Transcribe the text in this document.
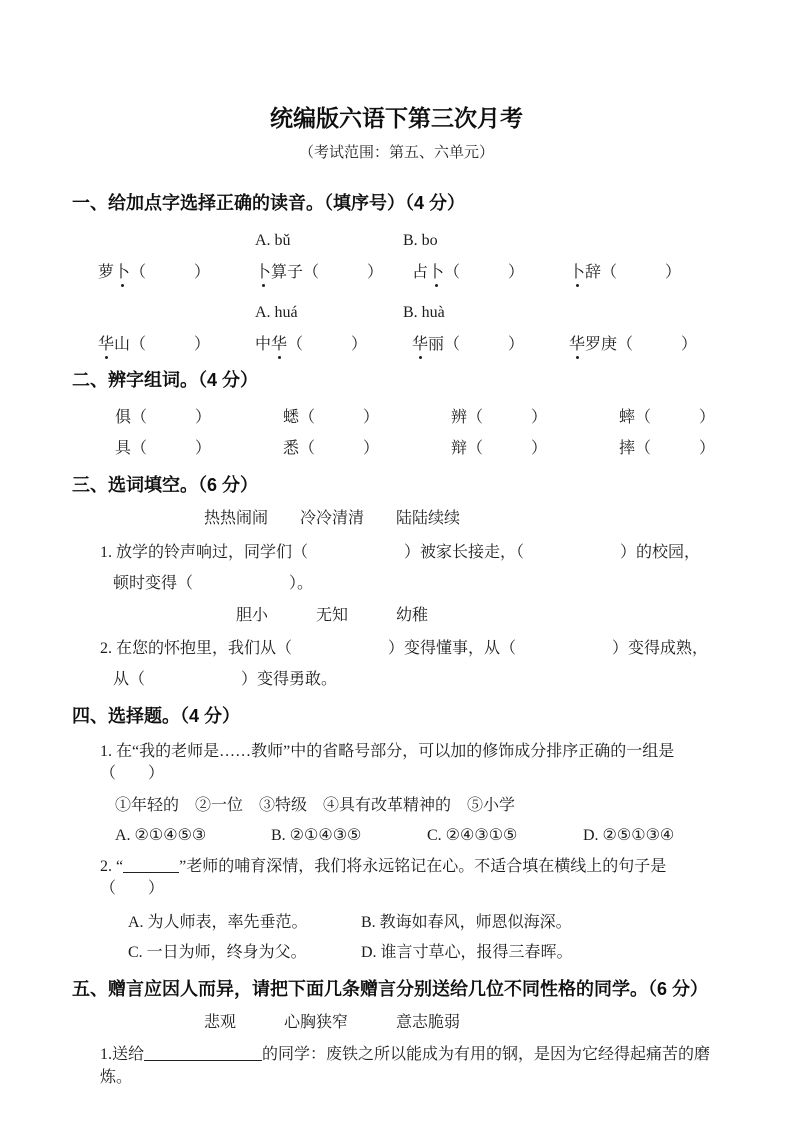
统编版六语下第三次月考
（考试范围：第五、六单元）
一、给加点字选择正确的读音。（填序号）（4 分）
A. bǔ	B. bo
萝卜（　　　）	卜算子（　　　）	占卜（　　　）	卜辞（　　　）
A. huá	B. huà
华山（　　　）	中华（　　　）	华丽（　　　）	华罗庚（　　　）
二、辨字组词。（4 分）
俱（　　　）	蟋（　　　）	辨（　　　）	蟀（　　　）
具（　　　）	悉（　　　）	辩（　　　）	摔（　　　）
三、选词填空。（6 分）
热热闹闹　　冷冷清清　　陆陆续续
1. 放学的铃声响过，同学们（　　　　　　）被家长接走，（　　　　　　）的校园，
顿时变得（　　　　　　）。
胆小　　　无知　　　幼稚
2. 在您的怀抱里，我们从（　　　　　　）变得懂事，从（　　　　　　）变得成熟，
从（　　　　　　）变得勇敢。
四、选择题。（4 分）
1. 在“我的老师是……教师”中的省略号部分，可以加的修饰成分排序正确的一组是（　　）
①年轻的　②一位　③特级　④具有改革精神的　⑤小学
A. ②①④⑤③	B. ②①④③⑤	C. ②④③①⑤	D. ②⑤①③④
2. “	”老师的哺育深情，我们将永远铭记在心。不适合填在横线上的句子是（　　）
A. 为人师表，率先垂范。	B. 教诲如春风，师恩似海深。
C. 一日为师，终身为父。	D. 谁言寸草心，报得三春晖。
五、赠言应因人而异，请把下面几条赠言分别送给几位不同性格的同学。（6 分）
悲观　　　心胸狭窄　　　意志脆弱
1.送给	的同学：废铁之所以能成为有用的钢，是因为它经得起痛苦的磨炼。
